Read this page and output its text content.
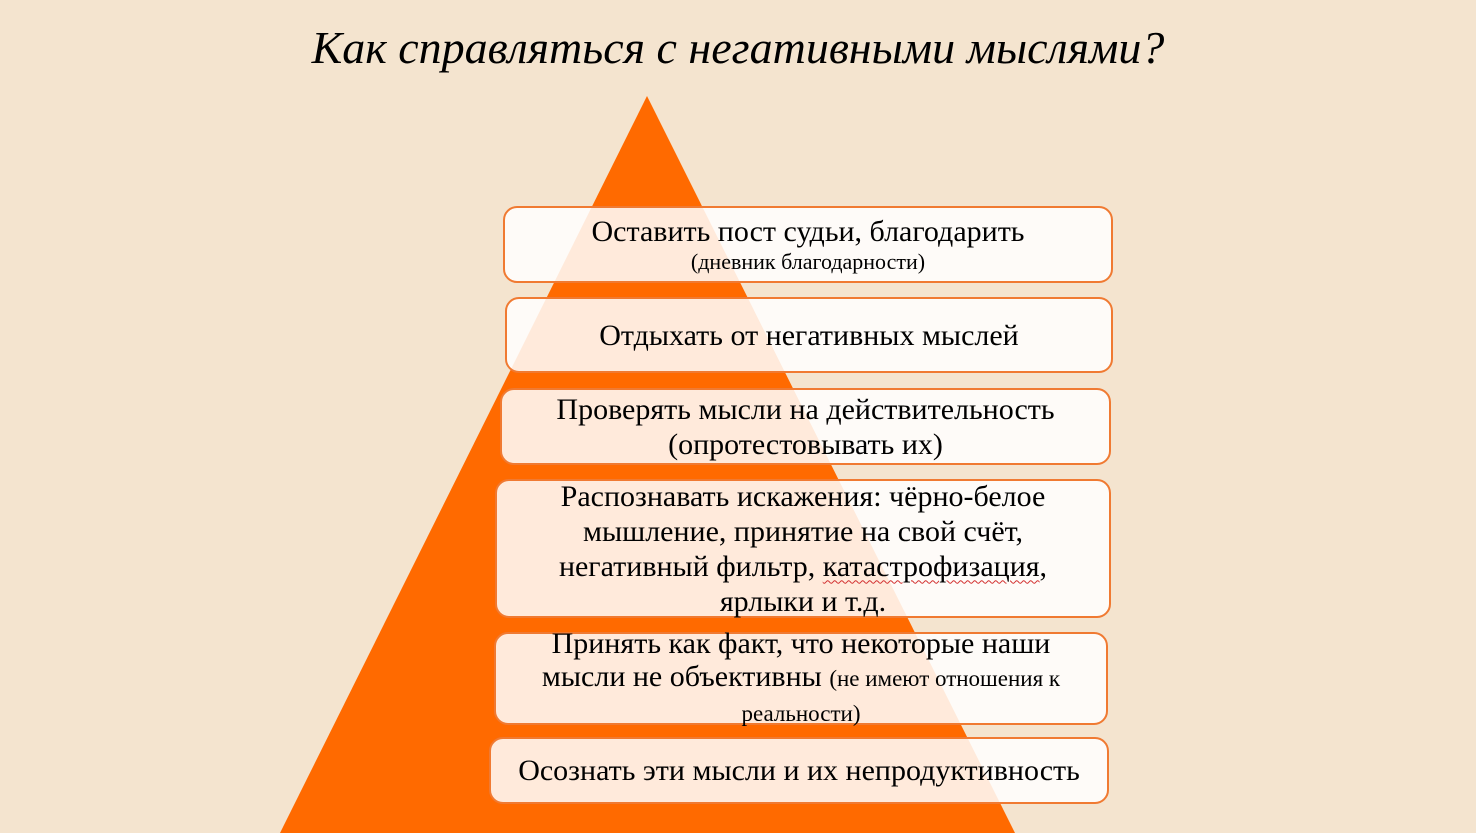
Как справляться с негативными мыслями?
Оставить пост судьи, благодарить
(дневник благодарности)
Отдыхать от негативных мыслей
Проверять мысли на действительность
(опротестовывать их)
Распознавать искажения: чёрно-белое мышление, принятие на свой счёт, негативный фильтр, катастрофизация, ярлыки и т.д.
Принять как факт, что некоторые наши мысли не объективны (не имеют отношения к реальности)
Осознать эти мысли и их непродуктивность
